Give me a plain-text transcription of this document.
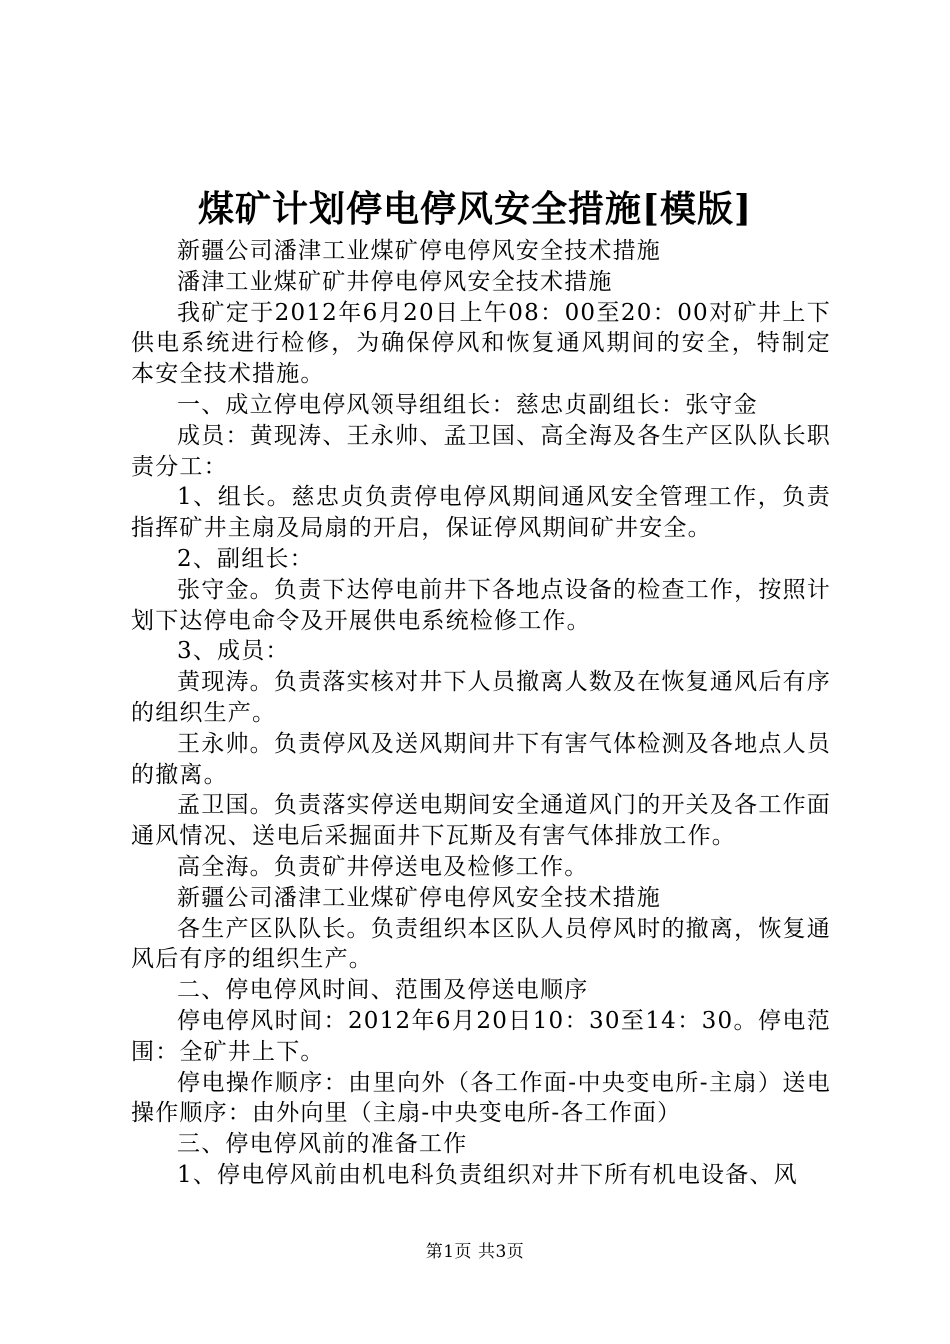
煤矿计划停电停风安全措施[模版]

新疆公司潘津工业煤矿停电停风安全技术措施

潘津工业煤矿矿井停电停风安全技术措施

我矿定于2012年6月20日上午08：00至20：00对矿井上下供电系统进行检修，为确保停风和恢复通风期间的安全，特制定本安全技术措施。

一、成立停电停风领导组组长：慈忠贞副组长：张守金

成员：黄现涛、王永帅、孟卫国、高全海及各生产区队队长职责分工：

1、组长。慈忠贞负责停电停风期间通风安全管理工作，负责指挥矿井主扇及局扇的开启，保证停风期间矿井安全。

2、副组长：

张守金。负责下达停电前井下各地点设备的检查工作，按照计划下达停电命令及开展供电系统检修工作。

3、成员：

黄现涛。负责落实核对井下人员撤离人数及在恢复通风后有序的组织生产。

王永帅。负责停风及送风期间井下有害气体检测及各地点人员的撤离。

孟卫国。负责落实停送电期间安全通道风门的开关及各工作面通风情况、送电后采掘面井下瓦斯及有害气体排放工作。

高全海。负责矿井停送电及检修工作。

新疆公司潘津工业煤矿停电停风安全技术措施

各生产区队队长。负责组织本区队人员停风时的撤离，恢复通风后有序的组织生产。

二、停电停风时间、范围及停送电顺序

停电停风时间：2012年6月20日10：30至14：30。停电范围：全矿井上下。

停电操作顺序：由里向外（各工作面-中央变电所-主扇）送电操作顺序：由外向里（主扇-中央变电所-各工作面）

三、停电停风前的准备工作

1、停电停风前由机电科负责组织对井下所有机电设备、风

第1页 共3页
